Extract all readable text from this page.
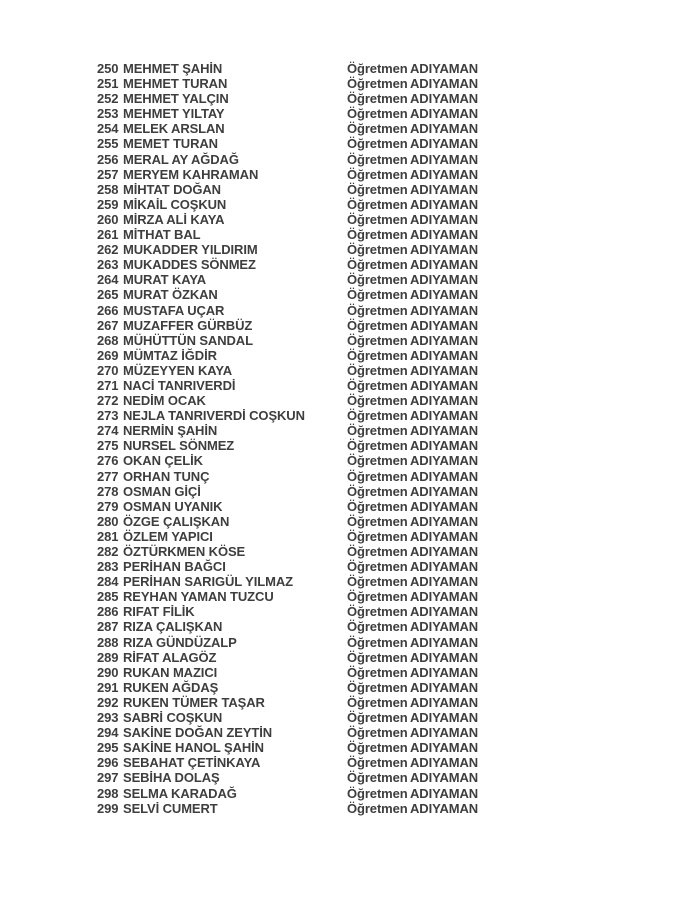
250 MEHMET ŞAHİN	Öğretmen ADIYAMAN
251 MEHMET TURAN	Öğretmen ADIYAMAN
252 MEHMET YALÇIN	Öğretmen ADIYAMAN
253 MEHMET YILTAY	Öğretmen ADIYAMAN
254 MELEK ARSLAN	Öğretmen ADIYAMAN
255 MEMET TURAN	Öğretmen ADIYAMAN
256 MERAL AY AĞDAĞ	Öğretmen ADIYAMAN
257 MERYEM KAHRAMAN	Öğretmen ADIYAMAN
258 MİHTAT DOĞAN	Öğretmen ADIYAMAN
259 MİKAİL COŞKUN	Öğretmen ADIYAMAN
260 MİRZA ALİ KAYA	Öğretmen ADIYAMAN
261 MİTHAT BAL	Öğretmen ADIYAMAN
262 MUKADDER YILDIRIM	Öğretmen ADIYAMAN
263 MUKADDES SÖNMEZ	Öğretmen ADIYAMAN
264 MURAT KAYA	Öğretmen ADIYAMAN
265 MURAT ÖZKAN	Öğretmen ADIYAMAN
266 MUSTAFA UÇAR	Öğretmen ADIYAMAN
267 MUZAFFER GÜRBÜZ	Öğretmen ADIYAMAN
268 MÜHÜTTÜN SANDAL	Öğretmen ADIYAMAN
269 MÜMTAZ İĞDİR	Öğretmen ADIYAMAN
270 MÜZEYYEN KAYA	Öğretmen ADIYAMAN
271 NACİ TANRIVERDİ	Öğretmen ADIYAMAN
272 NEDİM OCAK	Öğretmen ADIYAMAN
273 NEJLA TANRIVERDİ COŞKUN	Öğretmen ADIYAMAN
274 NERMİN ŞAHİN	Öğretmen ADIYAMAN
275 NURSEL SÖNMEZ	Öğretmen ADIYAMAN
276 OKAN ÇELİK	Öğretmen ADIYAMAN
277 ORHAN TUNÇ	Öğretmen ADIYAMAN
278 OSMAN GİÇİ	Öğretmen ADIYAMAN
279 OSMAN UYANIK	Öğretmen ADIYAMAN
280 ÖZGE ÇALIŞKAN	Öğretmen ADIYAMAN
281 ÖZLEM YAPICI	Öğretmen ADIYAMAN
282 ÖZTÜRKMEN KÖSE	Öğretmen ADIYAMAN
283 PERİHAN BAĞCI	Öğretmen ADIYAMAN
284 PERİHAN SARIGÜL YILMAZ	Öğretmen ADIYAMAN
285 REYHAN YAMAN TUZCU	Öğretmen ADIYAMAN
286 RIFAT FİLİK	Öğretmen ADIYAMAN
287 RIZA ÇALIŞKAN	Öğretmen ADIYAMAN
288 RIZA GÜNDÜZALP	Öğretmen ADIYAMAN
289 RİFAT ALAGÖZ	Öğretmen ADIYAMAN
290 RUKAN MAZICI	Öğretmen ADIYAMAN
291 RUKEN AĞDAŞ	Öğretmen ADIYAMAN
292 RUKEN TÜMER TAŞAR	Öğretmen ADIYAMAN
293 SABRİ COŞKUN	Öğretmen ADIYAMAN
294 SAKİNE DOĞAN ZEYTİN	Öğretmen ADIYAMAN
295 SAKİNE HANOL ŞAHİN	Öğretmen ADIYAMAN
296 SEBAHAT ÇETİNKAYA	Öğretmen ADIYAMAN
297 SEBİHA DOLAŞ	Öğretmen ADIYAMAN
298 SELMA KARADAĞ	Öğretmen ADIYAMAN
299 SELVİ CUMERT	Öğretmen ADIYAMAN
